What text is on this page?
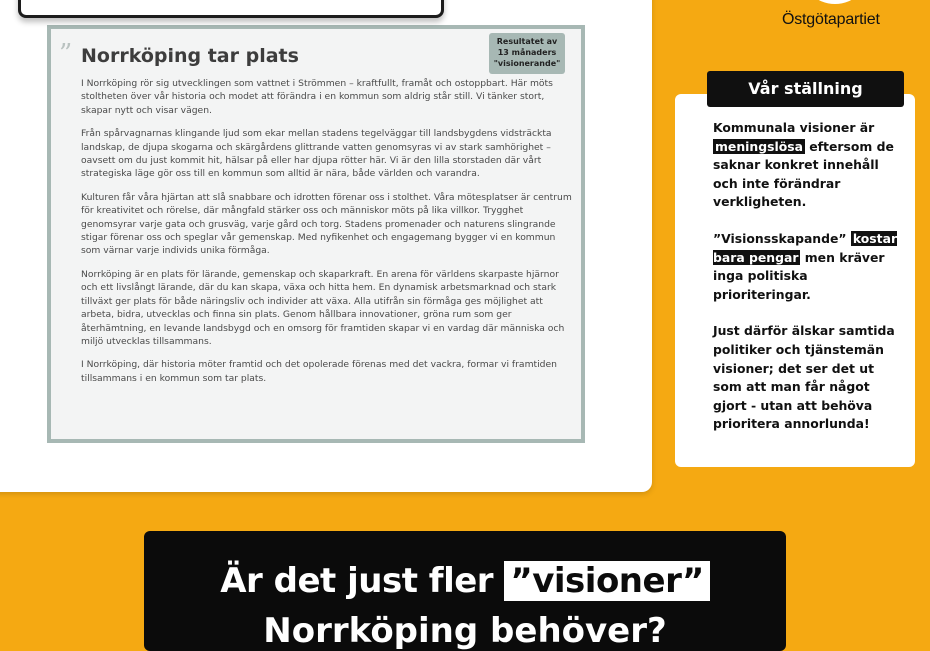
” Norrköping tar plats
Resultatet av
13 månaders
"visionerande"

I Norrköping rör sig utvecklingen som vattnet i Strömmen – kraftfullt, framåt och ostoppbart. Här möts stoltheten över vår historia och modet att förändra i en kommun som aldrig står still. Vi tänker stort, skapar nytt och visar vägen.

Från spårvagnarnas klingande ljud som ekar mellan stadens tegelväggar till landsbygdens vidsträckta landskap, de djupa skogarna och skärgårdens glittrande vatten genomsyras vi av stark samhörighet – oavsett om du just kommit hit, hälsar på eller har djupa rötter här. Vi är den lilla storstaden där vårt strategiska läge gör oss till en kommun som alltid är nära, både världen och varandra.

Kulturen får våra hjärtan att slå snabbare och idrotten förenar oss i stolthet. Våra mötesplatser är centrum för kreativitet och rörelse, där mångfald stärker oss och människor möts på lika villkor. Trygghet genomsyrar varje gata och grusväg, varje gård och torg. Stadens promenader och naturens slingrande stigar förenar oss och speglar vår gemenskap. Med nyfikenhet och engagemang bygger vi en kommun som värnar varje individs unika förmåga.

Norrköping är en plats för lärande, gemenskap och skaparkraft. En arena för världens skarpaste hjärnor och ett livslångt lärande, där du kan skapa, växa och hitta hem. En dynamisk arbetsmarknad och stark tillväxt ger plats för både näringsliv och individer att växa. Alla utifrån sin förmåga ges möjlighet att arbeta, bidra, utvecklas och finna sin plats. Genom hållbara innovationer, gröna rum som ger återhämtning, en levande landsbygd och en omsorg för framtiden skapar vi en vardag där människa och miljö utvecklas tillsammans.

I Norrköping, där historia möter framtid och det opolerade förenas med det vackra, formar vi framtiden tillsammans i en kommun som tar plats.

Östgötapartiet
Vår ställning

Kommunala visioner är meningslösa eftersom de saknar konkret innehåll och inte förändrar verkligheten.

”Visionsskapande” kostar bara pengar men kräver inga politiska prioriteringar.

Just därför älskar samtida politiker och tjänstemän visioner; det ser det ut som att man får något gjort - utan att behöva prioritera annorlunda!

Är det just fler ”visioner”
Norrköping behöver?
